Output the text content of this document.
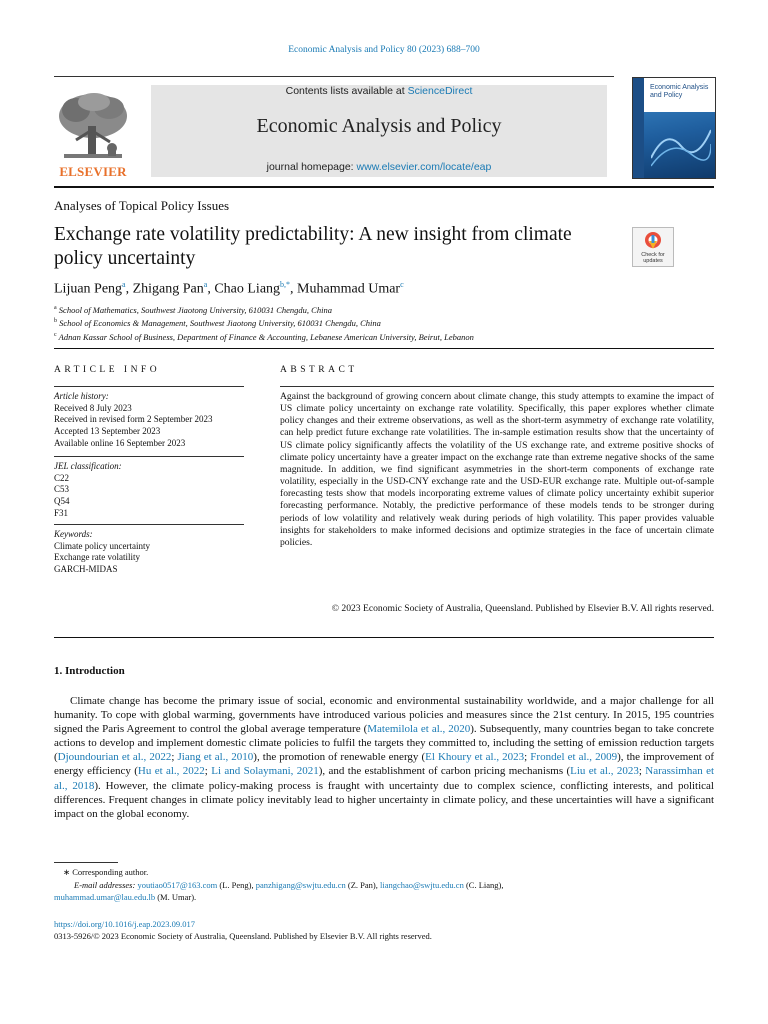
Economic Analysis and Policy 80 (2023) 688–700
ELSEVIER
Contents lists available at ScienceDirect
Economic Analysis and Policy
journal homepage: www.elsevier.com/locate/eap
Economic Analysis and Policy
Analyses of Topical Policy Issues
Exchange rate volatility predictability: A new insight from climate policy uncertainty	Check for updates
Lijuan Peng$^a$, Zhigang Pan$^a$, Chao Liang$^{b,*}$, Muhammad Umar$^c$
$^a$ School of Mathematics, Southwest Jiaotong University, 610031 Chengdu, China
$^b$ School of Economics & Management, Southwest Jiaotong University, 610031 Chengdu, China
$^c$ Adnan Kassar School of Business, Department of Finance & Accounting, Lebanese American University, Beirut, Lebanon
ARTICLE INFO	ABSTRACT
Article history:
Received 8 July 2023
Received in revised form 2 September 2023
Accepted 13 September 2023
Available online 16 September 2023
JEL classification:
C22
C53
Q54
F31
Keywords:
Climate policy uncertainty
Exchange rate volatility
GARCH-MIDAS
Against the background of growing concern about climate change, this study attempts to examine the impact of US climate policy uncertainty on exchange rate volatility. Specifically, this paper explores whether climate policy changes and their extreme observations, as well as the short-term asymmetry of exchange rate volatility, can help predict future exchange rate volatilities. The in-sample estimation results show that the uncertainty of US climate policy significantly affects the volatility of the US exchange rate, and extreme positive shocks of climate policy uncertainty have a greater impact on the exchange rate than extreme negative shocks of the same magnitude. In addition, we find significant asymmetries in the short-term components of exchange rate volatility, especially in the USD-CNY exchange rate and the USD-EUR exchange rate. Multiple out-of-sample forecasting tests show that models incorporating extreme values of climate policy uncertainty exhibit superior forecasting performance. Notably, the predictive performance of these models tends to be stronger during periods of low volatility and relatively weak during periods of high volatility. This paper provides valuable insights for stakeholders to make informed decisions and optimize strategies in the face of uncertain climate policies.
© 2023 Economic Society of Australia, Queensland. Published by Elsevier B.V. All rights reserved.
1. Introduction
Climate change has become the primary issue of social, economic and environmental sustainability worldwide, and a major challenge for all humanity. To cope with global warming, governments have introduced various policies and measures since the 21st century. In 2015, 195 countries signed the Paris Agreement to control the global average temperature (Matemilola et al., 2020). Subsequently, many countries began to take concrete actions to develop and implement domestic climate policies to fulfil the targets they committed to, including the setting of emission reduction targets (Djoundourian et al., 2022; Jiang et al., 2010), the promotion of renewable energy (El Khoury et al., 2023; Frondel et al., 2009), the improvement of energy efficiency (Hu et al., 2022; Li and Solaymani, 2021), and the establishment of carbon pricing mechanisms (Liu et al., 2023; Narassimhan et al., 2018). However, the climate policy-making process is fraught with uncertainty due to complex science, conflicting interests, and political differences. Frequent changes in climate policy inevitably lead to higher uncertainty in climate policy, and these uncertainties will have a significant impact on the global economy.
∗ Corresponding author.
E-mail addresses: youtiao0517@163.com (L. Peng), panzhigang@swjtu.edu.cn (Z. Pan), liangchao@swjtu.edu.cn (C. Liang),
muhammad.umar@lau.edu.lb (M. Umar).
https://doi.org/10.1016/j.eap.2023.09.017
0313-5926/© 2023 Economic Society of Australia, Queensland. Published by Elsevier B.V. All rights reserved.
